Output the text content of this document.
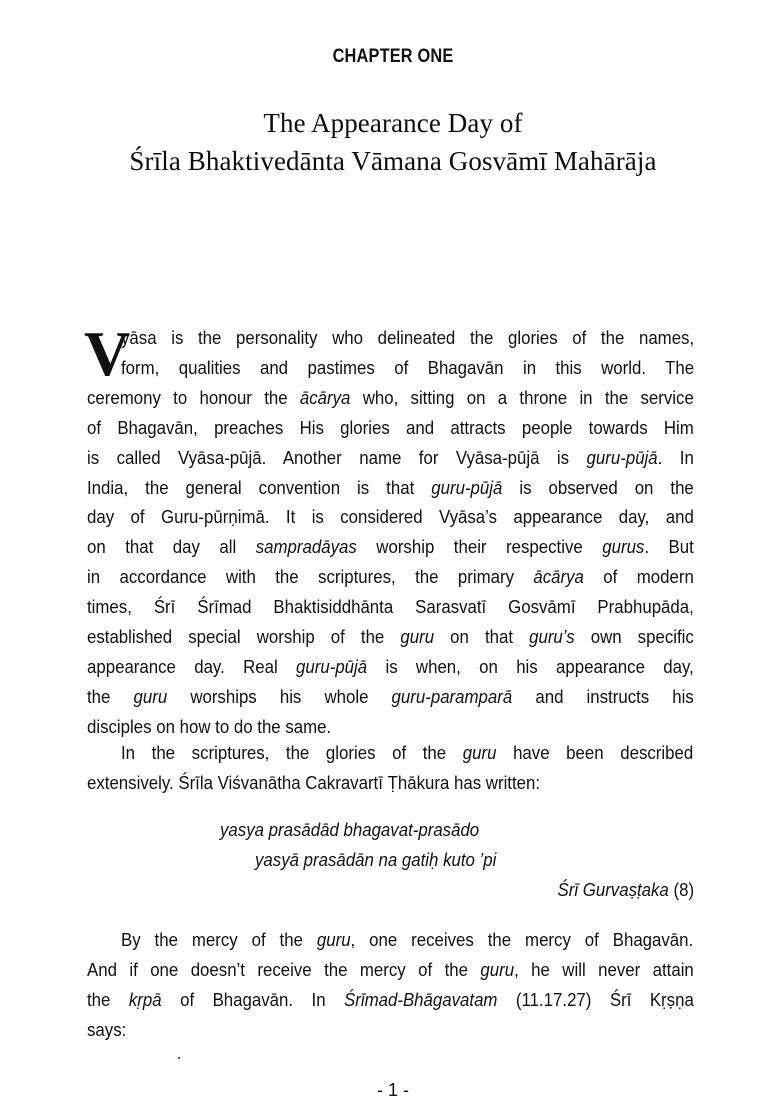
CHAPTER ONE
The Appearance Day of
Śrīla Bhaktivedānta Vāmana Gosvāmī Mahārāja
V
yāsa is the personality who delineated the glories of the names,
form, qualities and pastimes of Bhagavān in this world. The
ceremony to honour the ācārya who, sitting on a throne in the service
of Bhagavān, preaches His glories and attracts people towards Him
is called Vyāsa-pūjā. Another name for Vyāsa-pūjā is guru-pūjā. In
India, the general convention is that guru-pūjā is observed on the
day of Guru-pūrṇimā. It is considered Vyāsa’s appearance day, and
on that day all sampradāyas worship their respective gurus. But
in accordance with the scriptures, the primary ācārya of modern
times, Śrī Śrīmad Bhaktisiddhānta Sarasvatī Gosvāmī Prabhupāda,
established special worship of the guru on that guru’s own specific
appearance day. Real guru-pūjā is when, on his appearance day,
the guru worships his whole guru-paramparā and instructs his
disciples on how to do the same.
In the scriptures, the glories of the guru have been described
extensively. Śrīla Viśvanātha Cakravartī Ṭhākura has written:
By the mercy of the guru, one receives the mercy of Bhagavān.
And if one doesn’t receive the mercy of the guru, he will never attain
the kṛpā of Bhagavān. In Śrīmad-Bhāgavatam (11.17.27) Śrī Kṛṣṇa
says:
yasya prasādād bhagavat-prasādo
yasyā prasādān na gatiḥ kuto ’pi
Śrī Gurvaṣṭaka (8)
- 1 -
